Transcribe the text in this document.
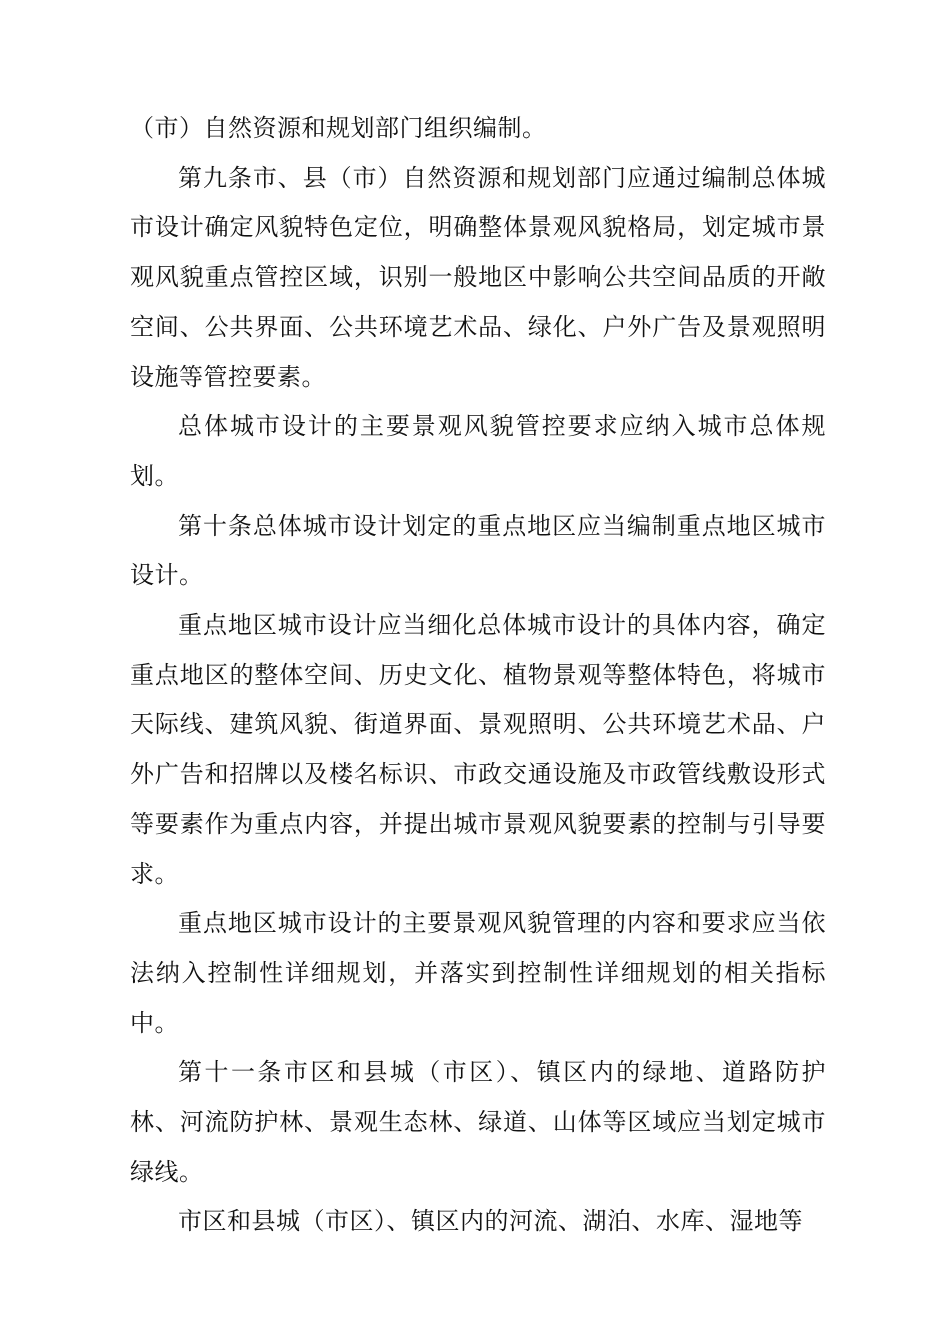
（市）自然资源和规划部门组织编制。

第九条市、县（市）自然资源和规划部门应通过编制总体城市设计确定风貌特色定位，明确整体景观风貌格局，划定城市景观风貌重点管控区域，识别一般地区中影响公共空间品质的开敞空间、公共界面、公共环境艺术品、绿化、户外广告及景观照明设施等管控要素。

总体城市设计的主要景观风貌管控要求应纳入城市总体规划。

第十条总体城市设计划定的重点地区应当编制重点地区城市设计。

重点地区城市设计应当细化总体城市设计的具体内容，确定重点地区的整体空间、历史文化、植物景观等整体特色，将城市天际线、建筑风貌、街道界面、景观照明、公共环境艺术品、户外广告和招牌以及楼名标识、市政交通设施及市政管线敷设形式等要素作为重点内容，并提出城市景观风貌要素的控制与引导要求。

重点地区城市设计的主要景观风貌管理的内容和要求应当依法纳入控制性详细规划，并落实到控制性详细规划的相关指标中。

第十一条市区和县城（市区）、镇区内的绿地、道路防护林、河流防护林、景观生态林、绿道、山体等区域应当划定城市绿线。

市区和县城（市区）、镇区内的河流、湖泊、水库、湿地等
